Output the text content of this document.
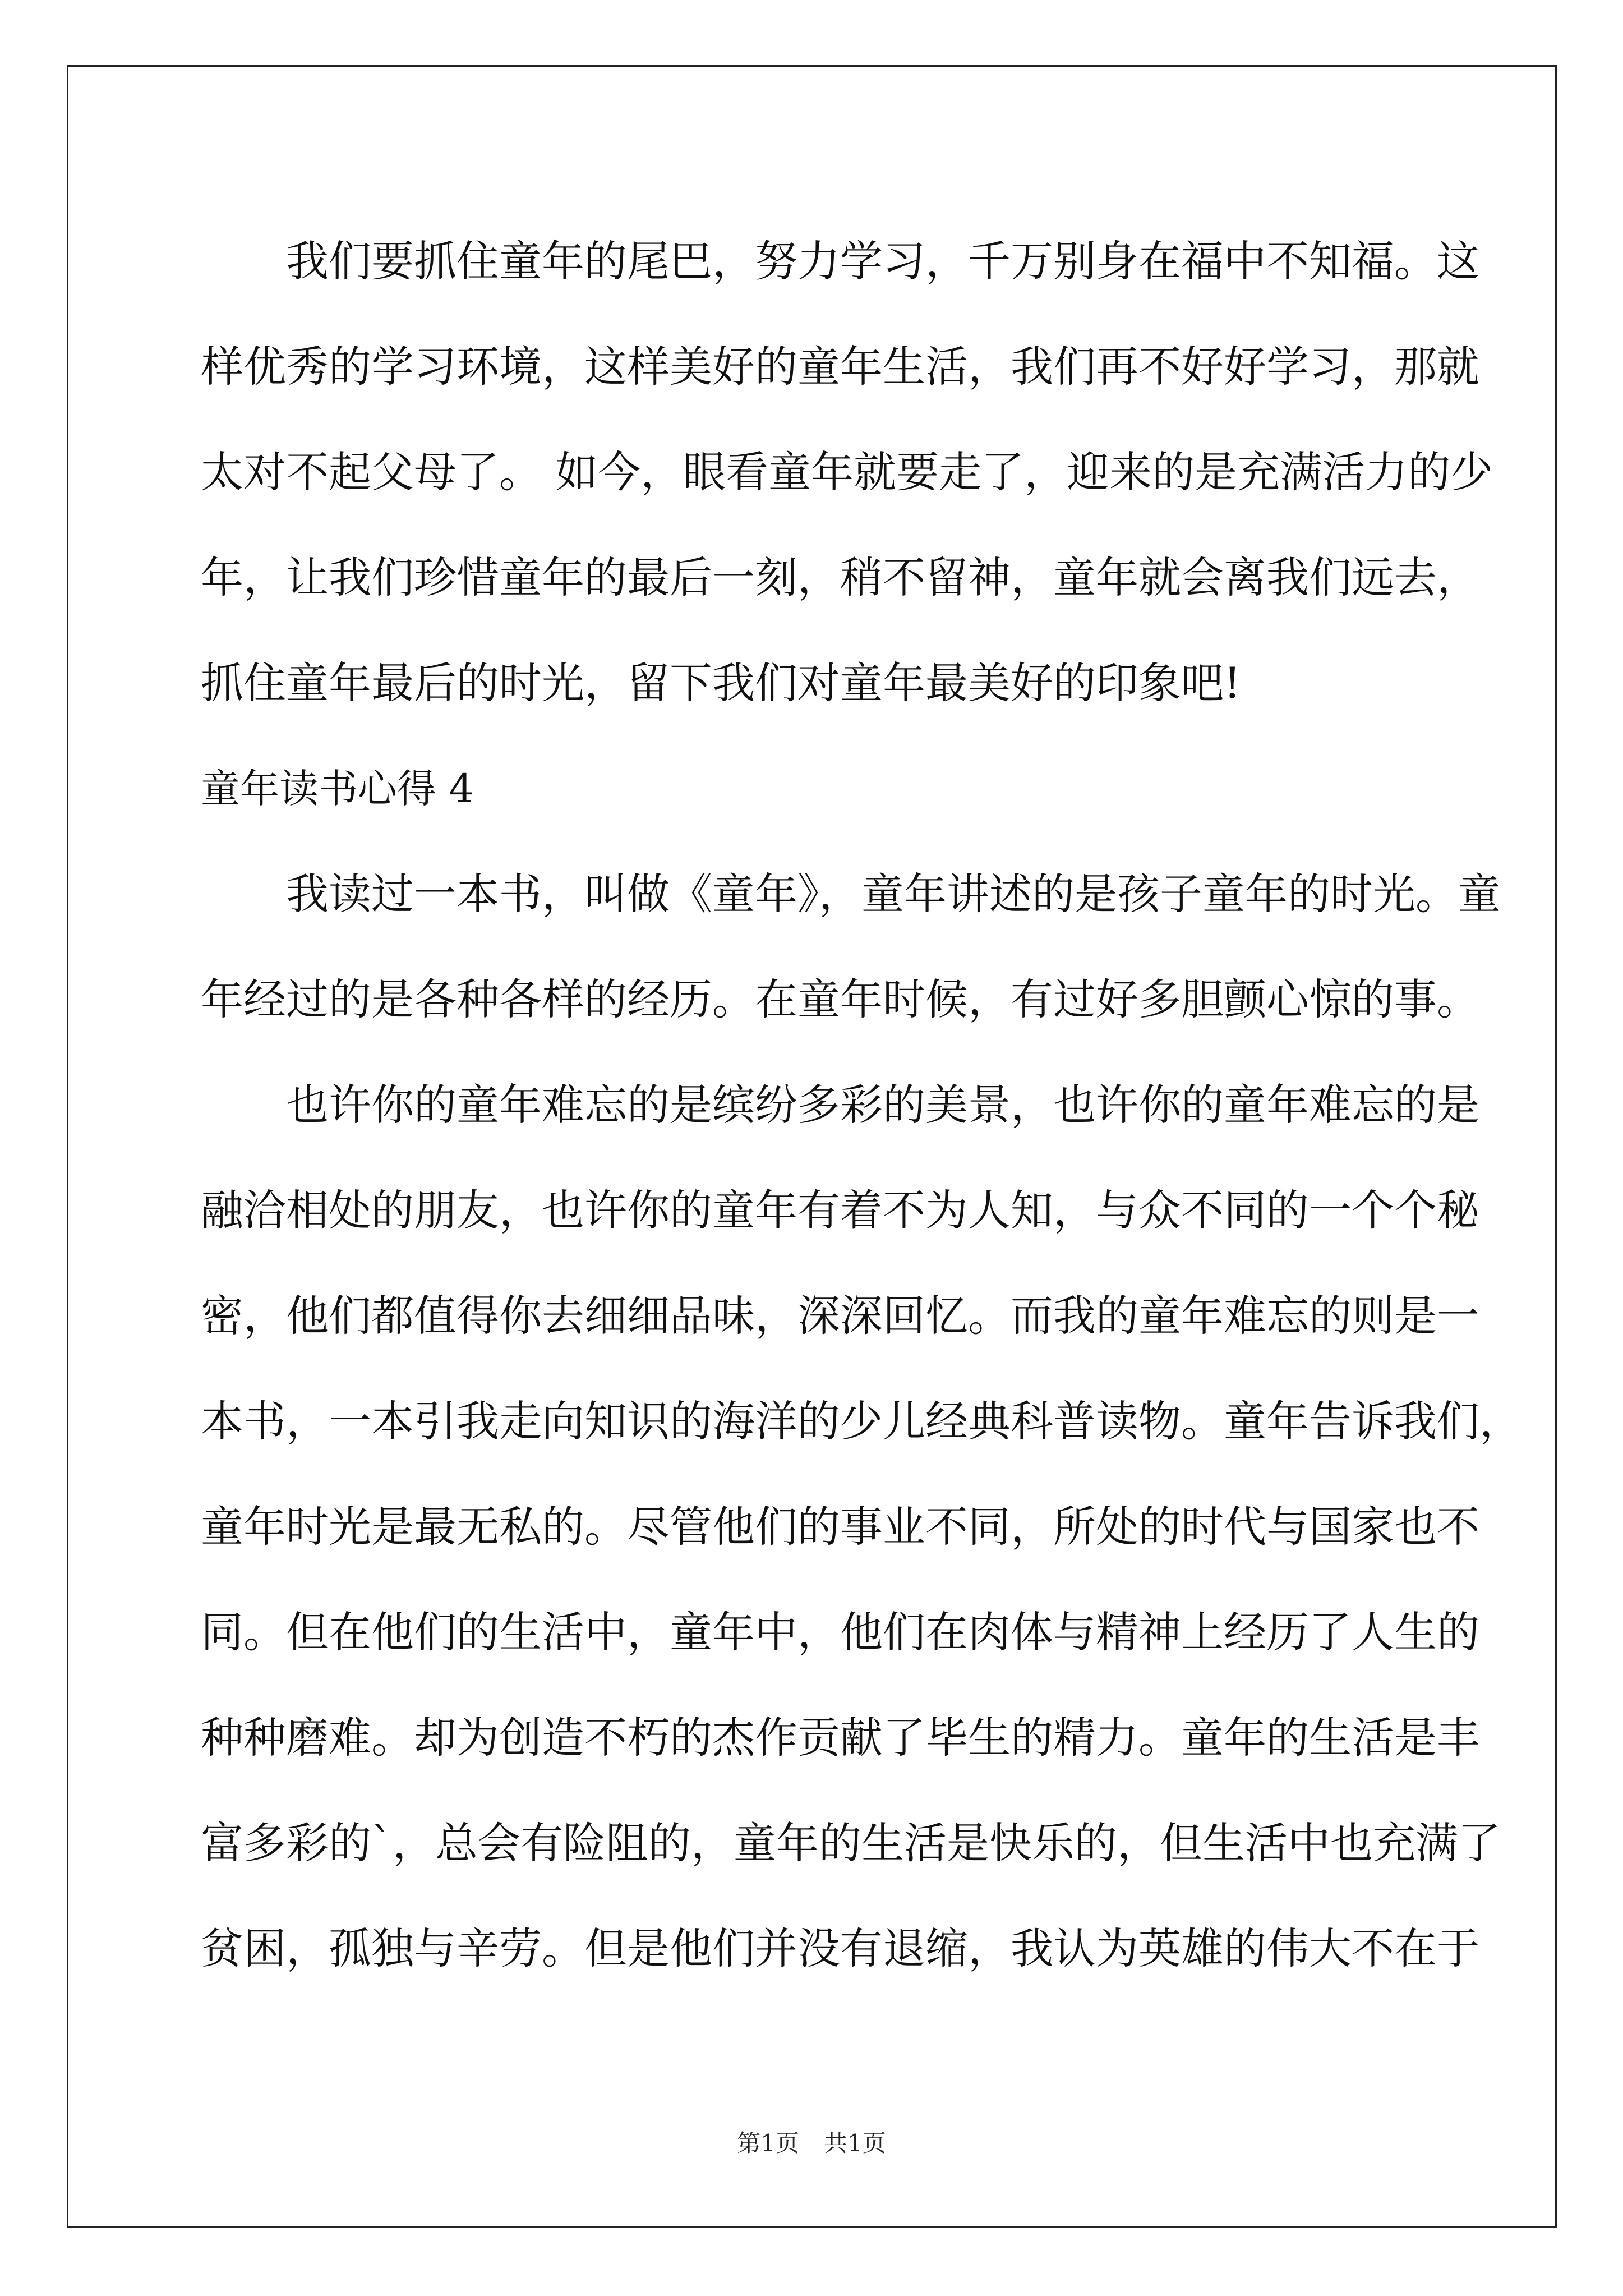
我们要抓住童年的尾巴，努力学习，千万别身在福中不知福。这
样优秀的学习环境，这样美好的童年生活，我们再不好好学习，那就
太对不起父母了。 如今，眼看童年就要走了，迎来的是充满活力的少
年，让我们珍惜童年的最后一刻，稍不留神，童年就会离我们远去，
抓住童年最后的时光，留下我们对童年最美好的印象吧!
童年读书心得 4
我读过一本书，叫做《童年》，童年讲述的是孩子童年的时光。童
年经过的是各种各样的经历。在童年时候，有过好多胆颤心惊的事。
也许你的童年难忘的是缤纷多彩的美景，也许你的童年难忘的是
融洽相处的朋友，也许你的童年有着不为人知，与众不同的一个个秘
密，他们都值得你去细细品味，深深回忆。而我的童年难忘的则是一
本书，一本引我走向知识的海洋的少儿经典科普读物。童年告诉我们，
童年时光是最无私的。尽管他们的事业不同，所处的时代与国家也不
同。但在他们的生活中，童年中，他们在肉体与精神上经历了人生的
种种磨难。却为创造不朽的杰作贡献了毕生的精力。童年的生活是丰
富多彩的`，总会有险阻的，童年的生活是快乐的，但生活中也充满了
贫困，孤独与辛劳。但是他们并没有退缩，我认为英雄的伟大不在于
第1页 共1页
